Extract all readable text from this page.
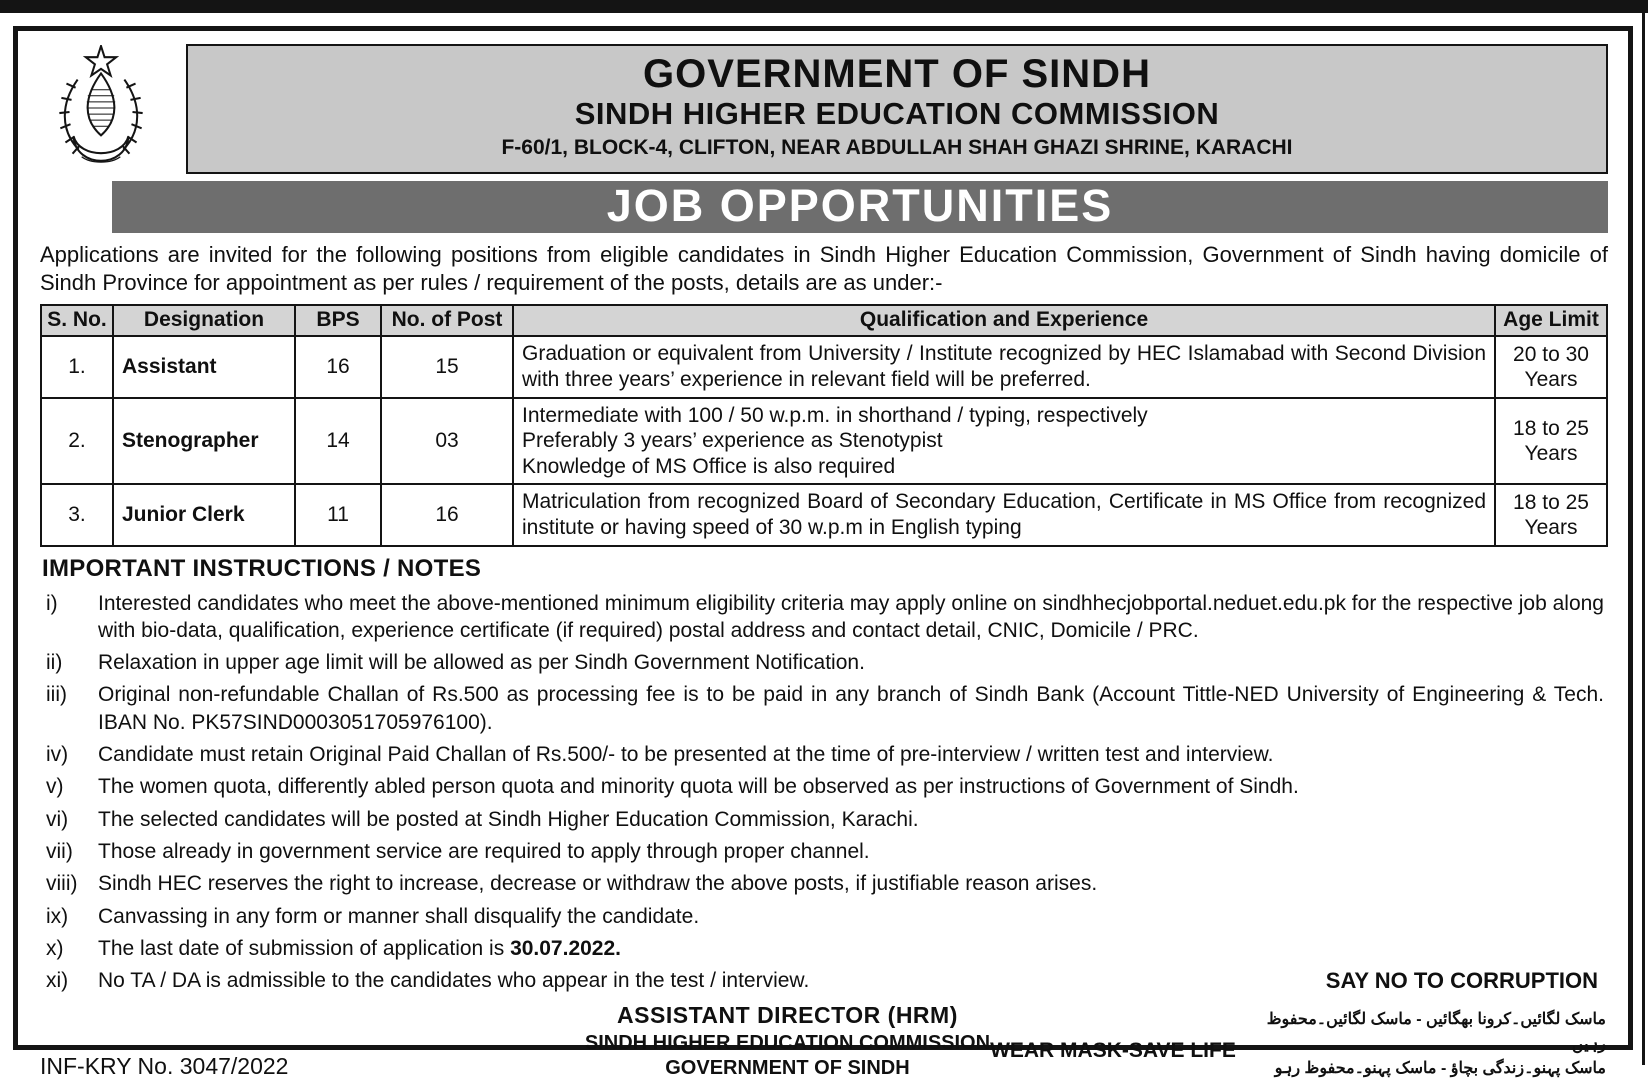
GOVERNMENT OF SINDH
SINDH HIGHER EDUCATION COMMISSION
F-60/1, BLOCK-4, CLIFTON, NEAR ABDULLAH SHAH GHAZI SHRINE, KARACHI
JOB OPPORTUNITIES
Applications are invited for the following positions from eligible candidates in Sindh Higher Education Commission, Government of Sindh having domicile of Sindh Province for appointment as per rules / requirement of the posts, details are as under:-
S. No.	Designation	BPS	No. of Post	Qualification and Experience	Age Limit
1.	Assistant	16	15	Graduation or equivalent from University / Institute recognized by HEC Islamabad with Second Division with three years’ experience in relevant field will be preferred.	20 to 30 Years
2.	Stenographer	14	03	Intermediate with 100 / 50 w.p.m. in shorthand / typing, respectively
Preferably 3 years’ experience as Stenotypist
Knowledge of MS Office is also required	18 to 25 Years
3.	Junior Clerk	11	16	Matriculation from recognized Board of Secondary Education, Certificate in MS Office from recognized institute or having speed of 30 w.p.m in English typing	18 to 25 Years
IMPORTANT INSTRUCTIONS / NOTES
i)	Interested candidates who meet the above-mentioned minimum eligibility criteria may apply online on sindhhecjobportal.neduet.edu.pk for the respective job along with bio-data, qualification, experience certificate (if required) postal address and contact detail, CNIC, Domicile / PRC.
ii)	Relaxation in upper age limit will be allowed as per Sindh Government Notification.
iii)	Original non-refundable Challan of Rs.500 as processing fee is to be paid in any branch of Sindh Bank (Account Tittle-NED University of Engineering & Tech. IBAN No. PK57SIND0003051705976100).
iv)	Candidate must retain Original Paid Challan of Rs.500/- to be presented at the time of pre-interview / written test and interview.
v)	The women quota, differently abled person quota and minority quota will be observed as per instructions of Government of Sindh.
vi)	The selected candidates will be posted at Sindh Higher Education Commission, Karachi.
vii)	Those already in government service are required to apply through proper channel.
viii) Sindh HEC reserves the right to increase, decrease or withdraw the above posts, if justifiable reason arises.
ix)	Canvassing in any form or manner shall disqualify the candidate.
x)	The last date of submission of application is 30.07.2022.
xi)	No TA / DA is admissible to the candidates who appear in the test / interview.	SAY NO TO CORRUPTION
INF-KRY No. 3047/2022
ASSISTANT DIRECTOR (HRM)
SINDH HIGHER EDUCATION COMMISSION
GOVERNMENT OF SINDH
WEAR MASK-SAVE LIFE
ماسک لگائیں۔کرونا بھگائیں - ماسک لگائیں۔محفوظ رہیں
ماسک پہنو۔زندگی بچاؤ - ماسک پہنو۔محفوظ رہو
